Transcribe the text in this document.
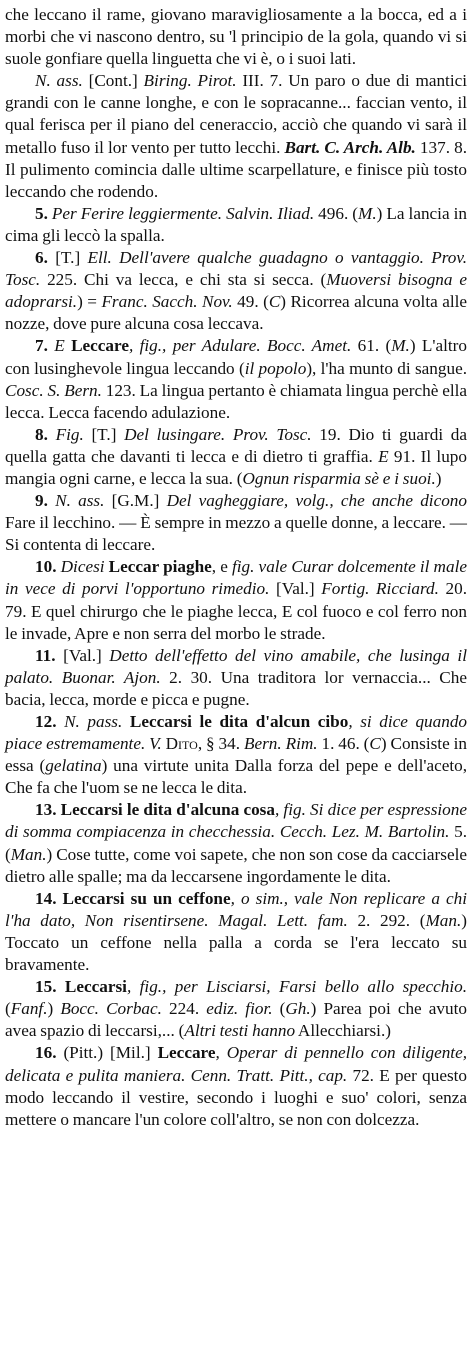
che leccano il rame, giovano maravigliosamente a la bocca, ed a i morbi che vi nascono dentro, su 'l principio de la gola, quando vi si suole gonfiare quella linguetta che vi è, o i suoi lati.

N. ass. [Cont.] Biring. Pirot. III. 7. Un paro o due di mantici grandi con le canne longhe, e con le sopracanne... faccian vento, il qual ferisca per il piano del ceneraccio, acciò che quando vi sarà il metallo fuso il lor vento per tutto lecchi. Bart. C. Arch. Alb. 137. 8. Il pulimento comincia dalle ultime scarpellature, e finisce più tosto leccando che rodendo.

5. Per Ferire leggiermente. Salvin. Iliad. 496. (M.) La lancia in cima gli leccò la spalla.

6. [T.] Ell. Dell'avere qualche guadagno o vantaggio. Prov. Tosc. 225. Chi va lecca, e chi sta si secca. (Muoversi bisogna e adoprarsi.) = Franc. Sacch. Nov. 49. (C) Ricorrea alcuna volta alle nozze, dove pure alcuna cosa leccava.

7. E Leccare, fig., per Adulare. Bocc. Amet. 61. (M.) L'altro con lusinghevole lingua leccando (il popolo), l'ha munto di sangue. Cosc. S. Bern. 123. La lingua pertanto è chiamata lingua perchè ella lecca. Lecca facendo adulazione.

8. Fig. [T.] Del lusingare. Prov. Tosc. 19. Dio ti guardi da quella gatta che davanti ti lecca e di dietro ti graffia. E 91. Il lupo mangia ogni carne, e lecca la sua. (Ognun risparmia sè e i suoi.)

9. N. ass. [G.M.] Del vagheggiare, volg., che anche dicono Fare il lecchino. — È sempre in mezzo a quelle donne, a leccare. — Si contenta di leccare.

10. Dicesi Leccar piaghe, e fig. vale Curar dolcemente il male in vece di porvi l'opportuno rimedio. [Val.] Fortig. Ricciard. 20. 79. E quel chirurgo che le piaghe lecca, E col fuoco e col ferro non le invade, Apre e non serra del morbo le strade.

11. [Val.] Detto dell'effetto del vino amabile, che lusinga il palato. Buonar. Ajon. 2. 30. Una traditora lor vernaccia... Che bacia, lecca, morde e picca e pugne.

12. N. pass. Leccarsi le dita d'alcun cibo, si dice quando piace estremamente. V. Dito, § 34. Bern. Rim. 1. 46. (C) Consiste in essa (gelatina) una virtute unita Dalla forza del pepe e dell'aceto, Che fa che l'uom se ne lecca le dita.

13. Leccarsi le dita d'alcuna cosa, fig. Si dice per espressione di somma compiacenza in checchessia. Cecch. Lez. M. Bartolin. 5. (Man.) Cose tutte, come voi sapete, che non son cose da cacciarsele dietro alle spalle; ma da leccarsene ingordamente le dita.

14. Leccarsi su un ceffone, o sim., vale Non replicare a chi l'ha dato, Non risentirsene. Magal. Lett. fam. 2. 292. (Man.) Toccato un ceffone nella palla a corda se l'era leccato su bravamente.

15. Leccarsi, fig., per Lisciarsi, Farsi bello allo specchio. (Fanf.) Bocc. Corbac. 224. ediz. fior. (Gh.) Parea poi che avuto avea spazio di leccarsi,... (Altri testi hanno Allecchiarsi.)

16. (Pitt.) [Mil.] Leccare, Operar di pennello con diligente, delicata e pulita maniera. Cenn. Tratt. Pitt., cap. 72. E per questo modo leccando il vestire, secondo i luoghi e suo' colori, senza mettere o mancare l'un colore coll'altro, se non con dolcezza.
